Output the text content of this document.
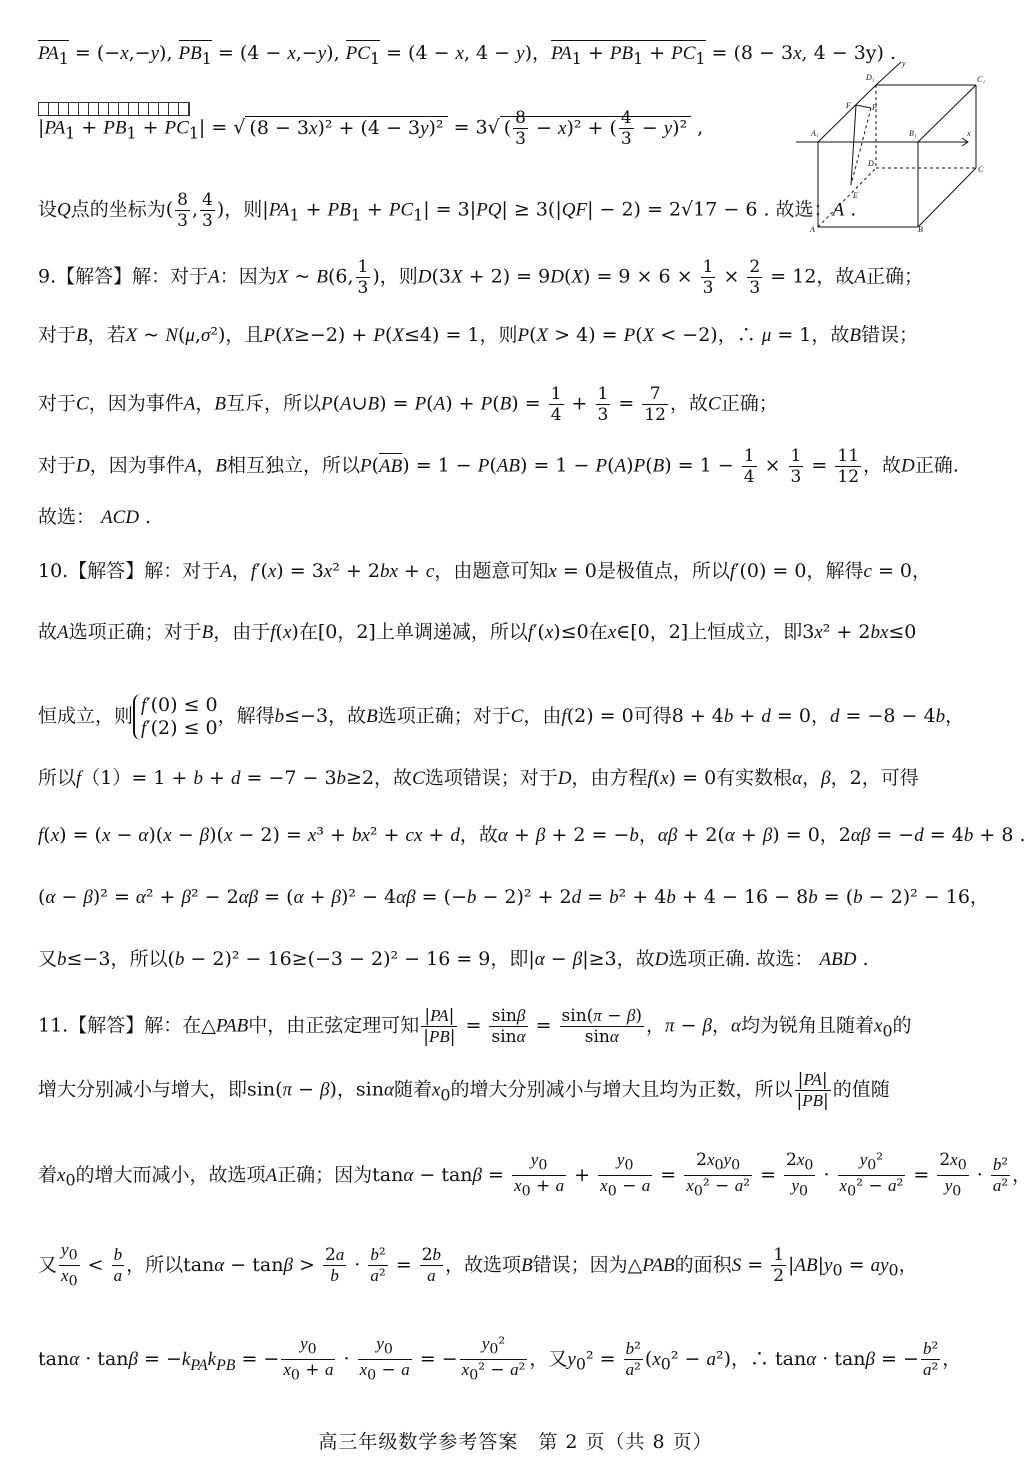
$PA_1 = (-x,-y)$, $PB_1 = (4 - x,-y)$, $PC_1 = (4 - x$, 4 − y)，$PA_1 + PB_1 + PC_1 = (8 - 3x$, 4 − 3y) .
$|PA_1 + PB_1 + PC_1|$ = √ (8 − 3x)² + (4 − 3y)² = 3√ ( $\frac{8}{3} - x)^2$ + ( $\frac{4}{3} - y)^2$ ,
设Q点的坐标为( $\frac{8}{3}$ , $\frac{4}{3}$ )，则$|PA_1 + PB_1 + PC_1| = 3|PQ| \ge 3(|QF| - 2) = 2√17 - 6$ . 故选：A .
D₁
y
C₁
F	P
A₁	B₁	x
D
C
E
A	B
9.【解答】解：对于A：因为X ~ B(6, $\frac{1}{3}$ )，则$D(3X + 2) = 9D(X) = 9 \times 6 \times \frac{1}{3} \times \frac{2}{3} = 12$，故A正确；
对于B，若X ~ N(μ,σ²)，且P(X≥−2) + P(X≤4) = 1，则P(X > 4) = P(X < −2)，∴ μ = 1，故B错误；
对于C，因为事件A，B互斥，所以P(A∪B) = $P(A) + P(B) = \frac{1}{4} + \frac{1}{3} = \frac{7}{12}$ ，故C正确；
对于D，因为事件A，B相互独立，所以$P(AB) = 1 - P(AB) = 1 - P(A)P(B) = 1 - \frac{1}{4} \times \frac{1}{3} = \frac{11}{12}$ ，故D正确.
故选： ACD .
10.【解答】解：对于A，f′(x) = 3x² + 2bx + c，由题意可知x = 0是极值点，所以f′(0) = 0，解得c = 0，
故A选项正确；对于B，由于f(x)在[0，2]上单调递减，所以f′(x)≤0在x∈[0，2]上恒成立，即3x² + 2bx≤0
恒成立，则 f′(0) ≤ 0
f′(2) ≤ 0
，解得b≤−3，故B选项正确；对于C，由f(2) = 0可得8 + 4b + d = 0，d = −8 − 4b，
所以f（1）= 1 + b + d = −7 − 3b≥2，故C选项错误；对于D，由方程f(x) = 0有实数根α，β，2，可得
f(x) = (x − α)(x − β)(x − 2) = x³ + bx² + cx + d，故α + β + 2 = −b，αβ + 2(α + β) = 0，2αβ = −d = 4b + 8 .
(α − β)² = α² + β² − 2αβ = (α + β)² − 4αβ = (−b − 2)² + 2d = b² + 4b + 4 − 16 − 8b = (b − 2)² − 16，
又b≤−3，所以(b − 2)² − 16≥(−3 − 2)² − 16 = 9，即|α − β|≥3，故D选项正确. 故选： ABD .
11.【解答】解：在△PAB中，由正弦定理可知 $\frac{|PA|}{|PB|} = \frac{\sin\beta}{\sin\alpha} = \frac{\sin(\pi - \beta)}{\sin\alpha}$ ，π − β，α均为锐角且随着$x_0$的
增大分别减小与增大，即sin(π − β)，sinα随着$x_0$的增大分别减小与增大且均为正数，所以 $\frac{|PA|}{|PB|}$ 的值随
着$x_0$的增大而减小，故选项A正确；因为$\tan\alpha - \tan\beta = \frac{y_0}{x_0 + a} + \frac{y_0}{x_0 - a} = \frac{2x_0y_0}{x_0^2 - a^2} = \frac{2x_0}{y_0} \cdot \frac{y_0^2}{x_0^2 - a^2} = \frac{2x_0}{y_0} \cdot \frac{\text{b²}}{\text{a²}}$ ，
又 $\frac{y_0}{x_0} < \frac{b}{a}$ ，所以$\tan\alpha - \tan\beta > \frac{2a}{b} \cdot \frac{\text{b²}}{\text{a²}} = \frac{2b}{a}$ ，故选项B错误；因为△PAB的面积$S = \frac{1}{2} |AB|y_0 = ay_0$，
$\tan\alpha \cdot \tan\beta = -k_{PA}k_{PB}$ = − $\frac{y_0}{x_0 + a} \cdot \frac{y_0}{x_0 - a}$ = − $\frac{y_0^2}{x_0^2 - a^2}$ ，又$y_0^2 = \frac{\text{b²}}{\text{a²}} (x_0^2 - a^2)$，∴ tanα · tanβ = − $\frac{\text{b²}}{\text{a²}}$ ，
高三年级数学参考答案　第 2 页（共 8 页）
